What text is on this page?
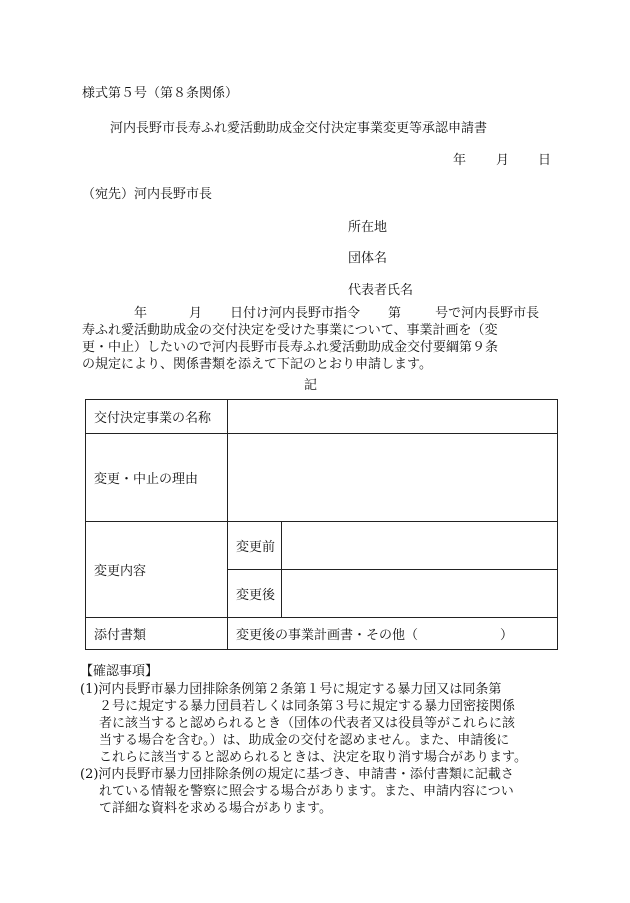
様式第５号（第８条関係）
河内長野市長寿ふれ愛活動助成金交付決定事業変更等承認申請書
年 月 日
（宛先）河内長野市長
所在地
団体名
代表者氏名
年	月 日付け河内長野市指令 第	号で河内長野市長
寿ふれ愛活動助成金の交付決定を受けた事業について、事業計画を（変
更・中止）したいので河内長野市長寿ふれ愛活動助成金交付要綱第９条
の規定により、関係書類を添えて下記のとおり申請します。
記
交付決定事業の名称		
変更・中止の理由		
変更内容	変更前	
	変更後	
添付書類	変更後の事業計画書・その他（ ）	
【確認事項】
(1)河内長野市暴力団排除条例第２条第１号に規定する暴力団又は同条第
２号に規定する暴力団員若しくは同条第３号に規定する暴力団密接関係
者に該当すると認められるとき（団体の代表者又は役員等がこれらに該
当する場合を含む。）は、助成金の交付を認めません。また、申請後に
これらに該当すると認められるときは、決定を取り消す場合があります。
(2)河内長野市暴力団排除条例の規定に基づき、申請書・添付書類に記載さ
れている情報を警察に照会する場合があります。また、申請内容につい
て詳細な資料を求める場合があります。
